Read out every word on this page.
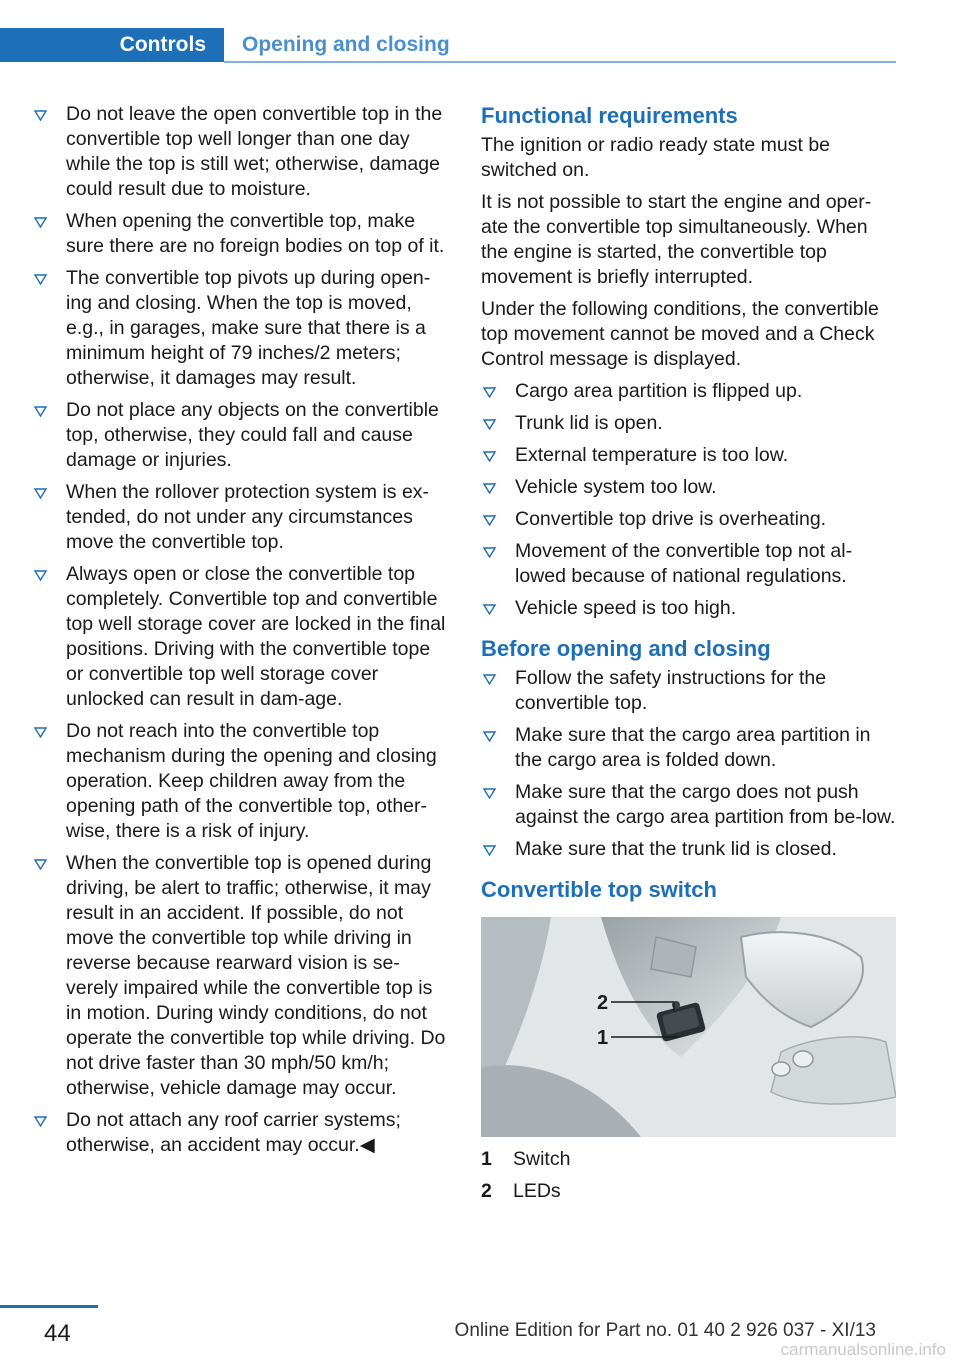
Controls	Opening and closing
Do not leave the open convertible top in the convertible top well longer than one day while the top is still wet; otherwise, damage could result due to moisture.
When opening the convertible top, make sure there are no foreign bodies on top of it.
The convertible top pivots up during open‐ing and closing. When the top is moved, e.g., in garages, make sure that there is a minimum height of 79 inches/2 meters; otherwise, it damages may result.
Do not place any objects on the convertible top, otherwise, they could fall and cause damage or injuries.
When the rollover protection system is ex‐tended, do not under any circumstances move the convertible top.
Always open or close the convertible top completely. Convertible top and convertible top well storage cover are locked in the final positions. Driving with the convertible tope or convertible top well storage cover unlocked can result in dam‐age.
Do not reach into the convertible top mechanism during the opening and closing operation. Keep children away from the opening path of the convertible top, other‐wise, there is a risk of injury.
When the convertible top is opened during driving, be alert to traffic; otherwise, it may result in an accident. If possible, do not move the convertible top while driving in reverse because rearward vision is se‐verely impaired while the convertible top is in motion. During windy conditions, do not operate the convertible top while driving. Do not drive faster than 30 mph/50 km/h; otherwise, vehicle damage may occur.
Do not attach any roof carrier systems; otherwise, an accident may occur.◀
Functional requirements

The ignition or radio ready state must be switched on.

It is not possible to start the engine and oper‐ate the convertible top simultaneously. When the engine is started, the convertible top movement is briefly interrupted.

Under the following conditions, the convertible top movement cannot be moved and a Check Control message is displayed.

Cargo area partition is flipped up.
Trunk lid is open.
External temperature is too low.
Vehicle system too low.
Convertible top drive is overheating.
Movement of the convertible top not al‐lowed because of national regulations.
Vehicle speed is too high.
Before opening and closing
Follow the safety instructions for the convertible top.
Make sure that the cargo area partition in the cargo area is folded down.
Make sure that the cargo does not push against the cargo area partition from be‐low.
Make sure that the trunk lid is closed.
Convertible top switch
2
1
1	Switch
2	LEDs
44	Online Edition for Part no. 01 40 2 926 037 - XI/13
carmanualsonline.info
